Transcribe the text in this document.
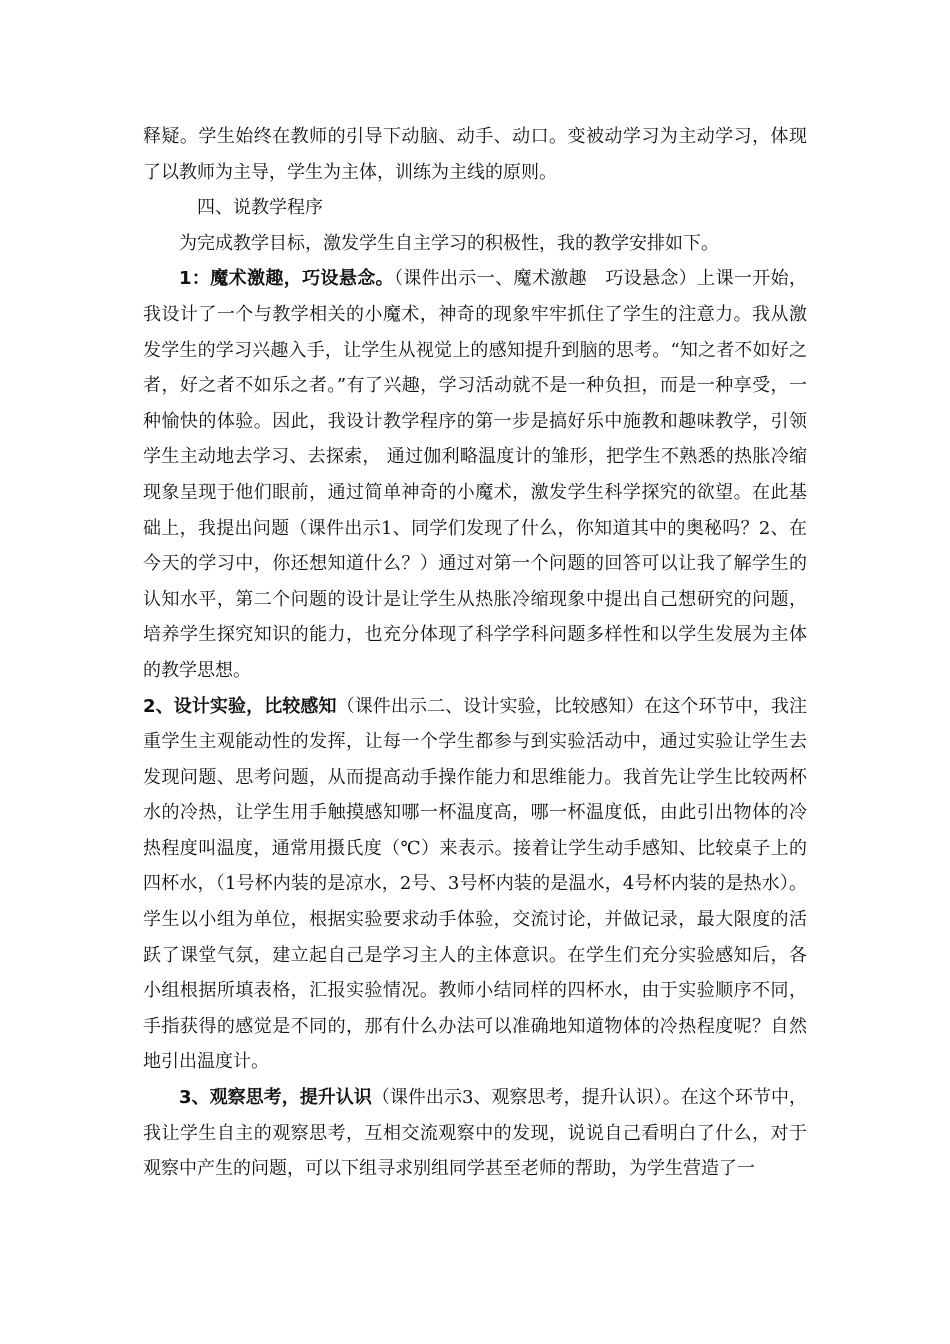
释疑。学生始终在教师的引导下动脑、动手、动口。变被动学习为主动学习，体现了以教师为主导，学生为主体，训练为主线的原则。

四、说教学程序

为完成教学目标，激发学生自主学习的积极性，我的教学安排如下。

1：魔术激趣，巧设悬念。（课件出示一、魔术激趣　巧设悬念）上课一开始，我设计了一个与教学相关的小魔术，神奇的现象牢牢抓住了学生的注意力。我从激发学生的学习兴趣入手，让学生从视觉上的感知提升到脑的思考。“知之者不如好之者，好之者不如乐之者。”有了兴趣，学习活动就不是一种负担，而是一种享受，一种愉快的体验。因此，我设计教学程序的第一步是搞好乐中施教和趣味教学，引领学生主动地去学习、去探索， 通过伽利略温度计的雏形，把学生不熟悉的热胀冷缩现象呈现于他们眼前，通过简单神奇的小魔术，激发学生科学探究的欲望。在此基础上，我提出问题（课件出示1、同学们发现了什么，你知道其中的奥秘吗？2、在今天的学习中，你还想知道什么？）通过对第一个问题的回答可以让我了解学生的认知水平，第二个问题的设计是让学生从热胀冷缩现象中提出自己想研究的问题，培养学生探究知识的能力，也充分体现了科学学科问题多样性和以学生发展为主体的教学思想。

2、设计实验，比较感知（课件出示二、设计实验，比较感知）在这个环节中，我注重学生主观能动性的发挥，让每一个学生都参与到实验活动中，通过实验让学生去发现问题、思考问题，从而提高动手操作能力和思维能力。我首先让学生比较两杯水的冷热，让学生用手触摸感知哪一杯温度高，哪一杯温度低，由此引出物体的冷热程度叫温度，通常用摄氏度（℃）来表示。接着让学生动手感知、比较桌子上的四杯水，（1号杯内装的是凉水，2号、3号杯内装的是温水，4号杯内装的是热水）。学生以小组为单位，根据实验要求动手体验，交流讨论，并做记录，最大限度的活跃了课堂气氛，建立起自己是学习主人的主体意识。在学生们充分实验感知后，各小组根据所填表格，汇报实验情况。教师小结同样的四杯水，由于实验顺序不同，手指获得的感觉是不同的，那有什么办法可以准确地知道物体的冷热程度呢？自然地引出温度计。

3、观察思考，提升认识（课件出示3、观察思考，提升认识）。在这个环节中，我让学生自主的观察思考，互相交流观察中的发现，说说自己看明白了什么，对于观察中产生的问题，可以下组寻求别组同学甚至老师的帮助，为学生营造了一
